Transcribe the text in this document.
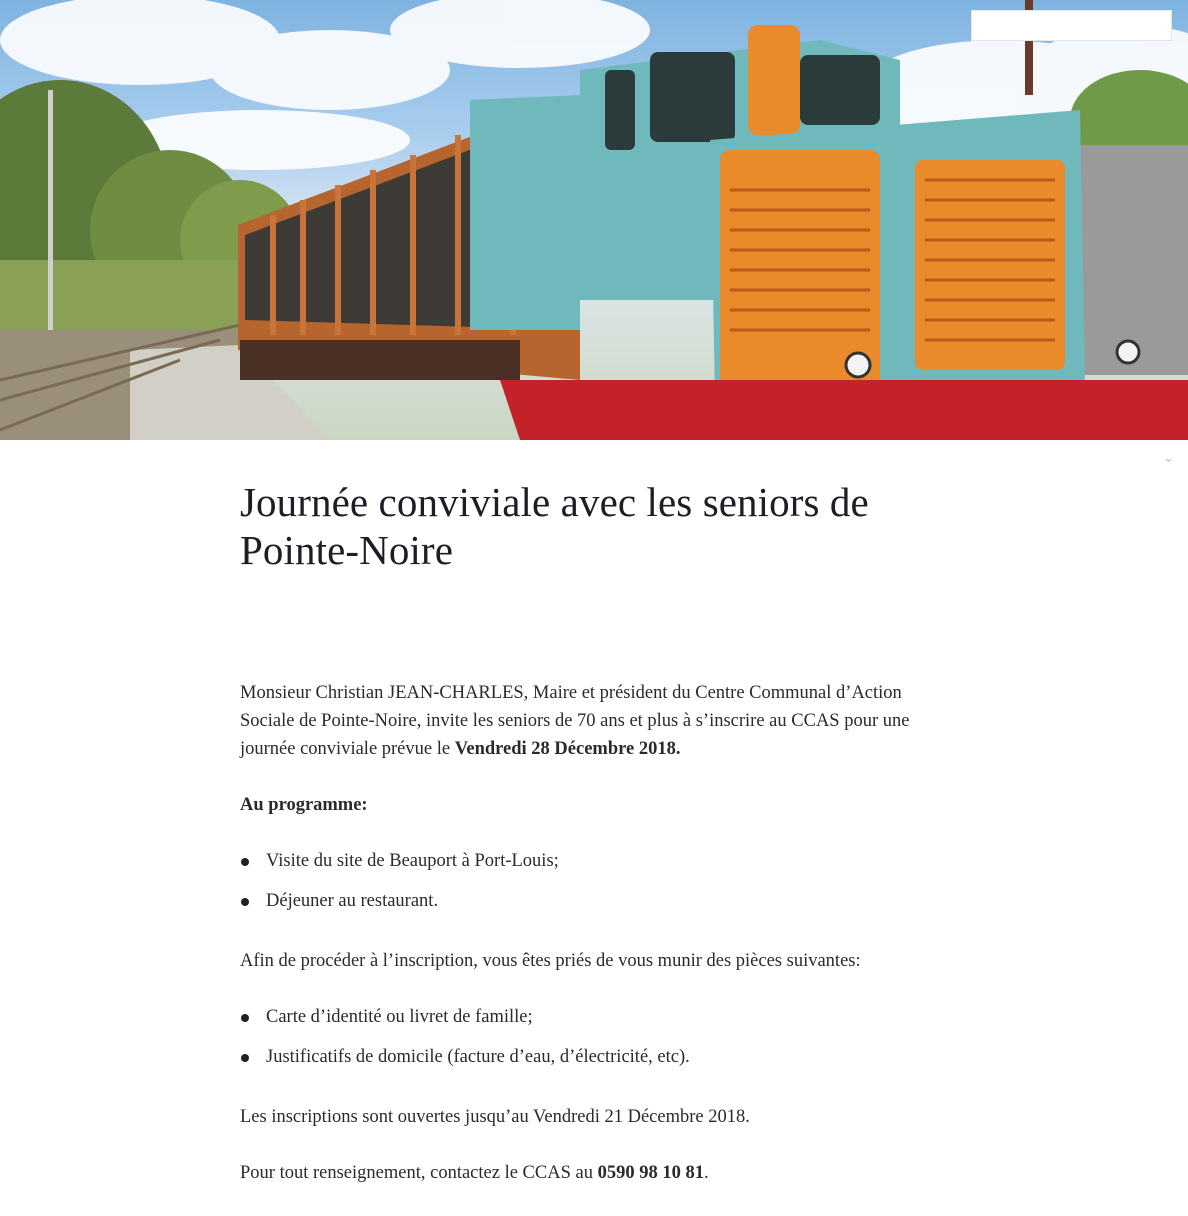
⌄
Journée conviviale avec les seniors de Pointe-Noire

Monsieur Christian JEAN-CHARLES, Maire et président du Centre Communal d’Action Sociale de Pointe-Noire, invite les seniors de 70 ans et plus à s’inscrire au CCAS pour une journée conviviale prévue le Vendredi 28 Décembre 2018.

Au programme:

Visite du site de Beauport à Port-Louis;
Déjeuner au restaurant.

Afin de procéder à l’inscription, vous êtes priés de vous munir des pièces suivantes:

Carte d’identité ou livret de famille;
Justificatifs de domicile (facture d’eau, d’électricité, etc).

Les inscriptions sont ouvertes jusqu’au Vendredi 21 Décembre 2018.

Pour tout renseignement, contactez le CCAS au 0590 98 10 81.
